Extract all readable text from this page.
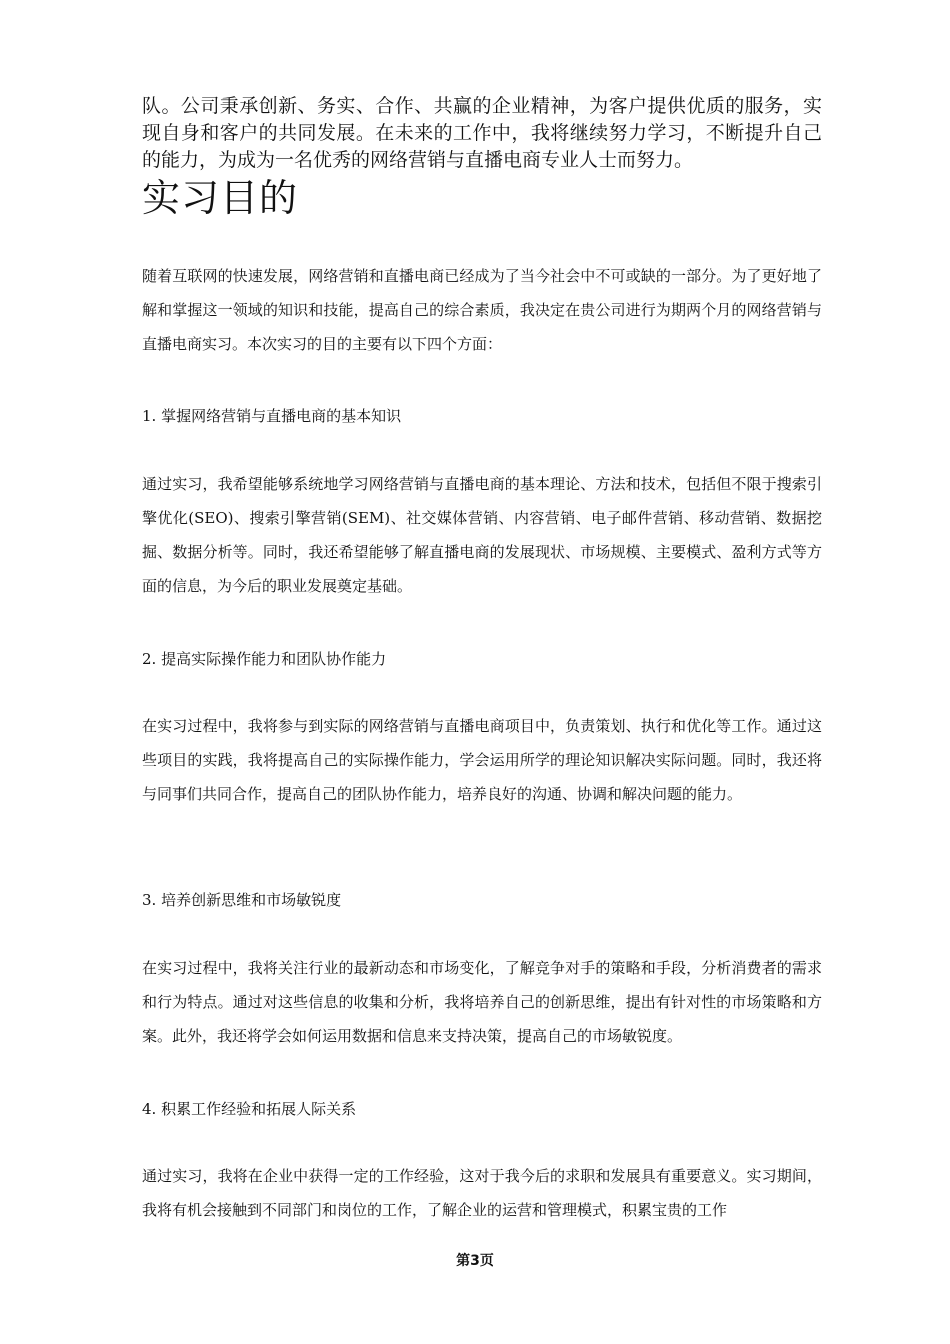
队。公司秉承创新、务实、合作、共赢的企业精神，为客户提供优质的服务，实现自身和客户的共同发展。在未来的工作中，我将继续努力学习，不断提升自己的能力，为成为一名优秀的网络营销与直播电商专业人士而努力。

实习目的

随着互联网的快速发展，网络营销和直播电商已经成为了当今社会中不可或缺的一部分。为了更好地了解和掌握这一领域的知识和技能，提高自己的综合素质，我决定在贵公司进行为期两个月的网络营销与直播电商实习。本次实习的目的主要有以下四个方面：

1. 掌握网络营销与直播电商的基本知识

通过实习，我希望能够系统地学习网络营销与直播电商的基本理论、方法和技术，包括但不限于搜索引擎优化(SEO)、搜索引擎营销(SEM)、社交媒体营销、内容营销、电子邮件营销、移动营销、数据挖掘、数据分析等。同时，我还希望能够了解直播电商的发展现状、市场规模、主要模式、盈利方式等方面的信息，为今后的职业发展奠定基础。

2. 提高实际操作能力和团队协作能力

在实习过程中，我将参与到实际的网络营销与直播电商项目中，负责策划、执行和优化等工作。通过这些项目的实践，我将提高自己的实际操作能力，学会运用所学的理论知识解决实际问题。同时，我还将与同事们共同合作，提高自己的团队协作能力，培养良好的沟通、协调和解决问题的能力。

3. 培养创新思维和市场敏锐度

在实习过程中，我将关注行业的最新动态和市场变化，了解竞争对手的策略和手段，分析消费者的需求和行为特点。通过对这些信息的收集和分析，我将培养自己的创新思维，提出有针对性的市场策略和方案。此外，我还将学会如何运用数据和信息来支持决策，提高自己的市场敏锐度。

4. 积累工作经验和拓展人际关系

通过实习，我将在企业中获得一定的工作经验，这对于我今后的求职和发展具有重要意义。实习期间，我将有机会接触到不同部门和岗位的工作，了解企业的运营和管理模式，积累宝贵的工作

第3页
